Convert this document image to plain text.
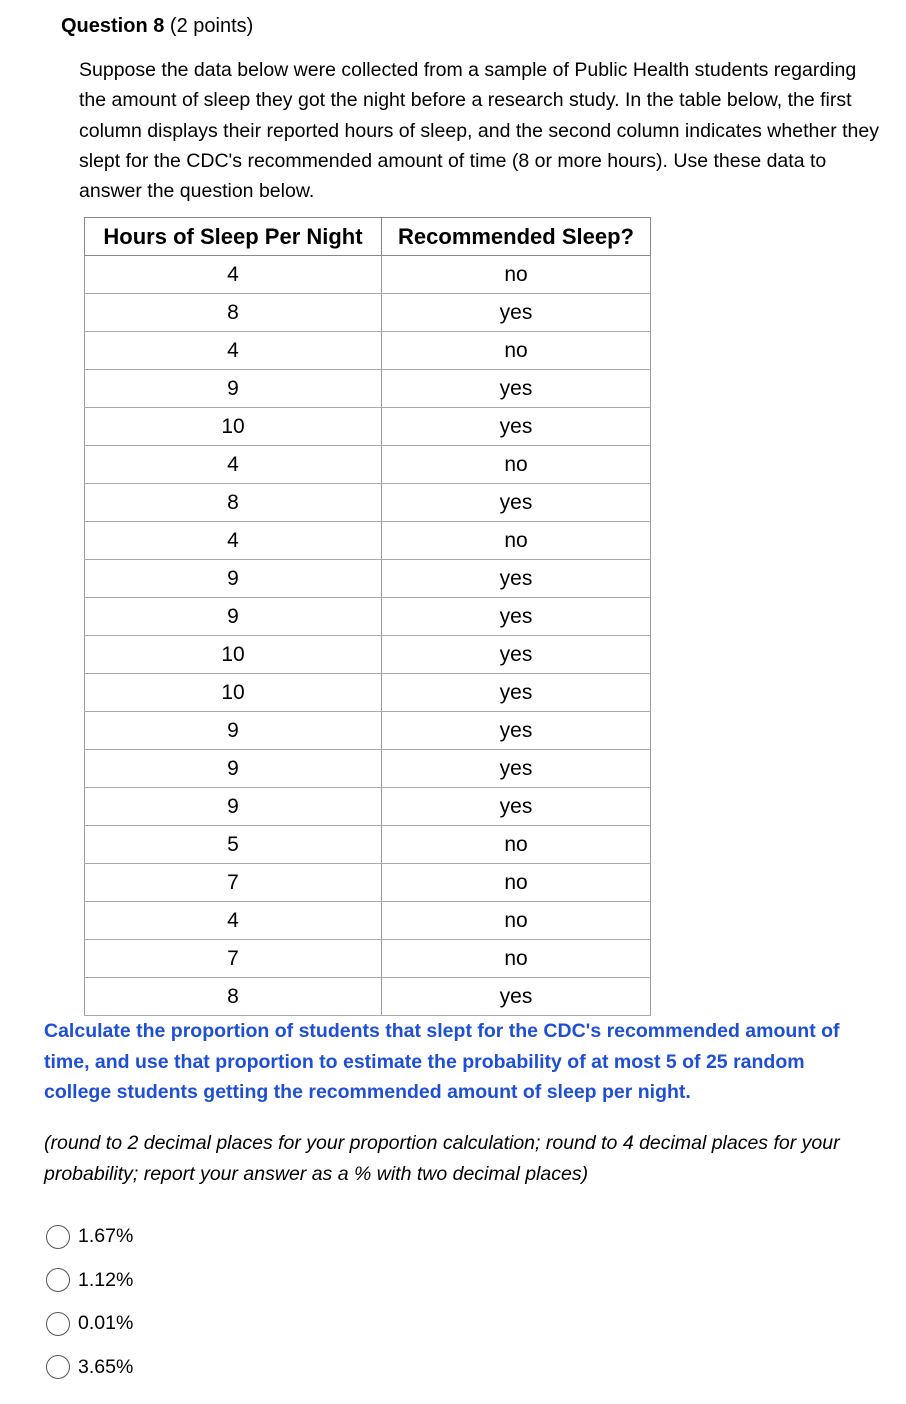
Question 8 (2 points)

Suppose the data below were collected from a sample of Public Health students regarding the amount of sleep they got the night before a research study. In the table below, the first column displays their reported hours of sleep, and the second column indicates whether they slept for the CDC's recommended amount of time (8 or more hours). Use these data to answer the question below.

Hours of Sleep Per Night	Recommended Sleep?
4	no
8	yes
4	no
9	yes
10	yes
4	no
8	yes
4	no
9	yes
9	yes
10	yes
10	yes
9	yes
9	yes
9	yes
5	no
7	no
4	no
7	no
8	yes

Calculate the proportion of students that slept for the CDC's recommended amount of time, and use that proportion to estimate the probability of at most 5 of 25 random college students getting the recommended amount of sleep per night.

(round to 2 decimal places for your proportion calculation; round to 4 decimal places for your probability; report your answer as a % with two decimal places)

1.67%
1.12%
0.01%
3.65%
